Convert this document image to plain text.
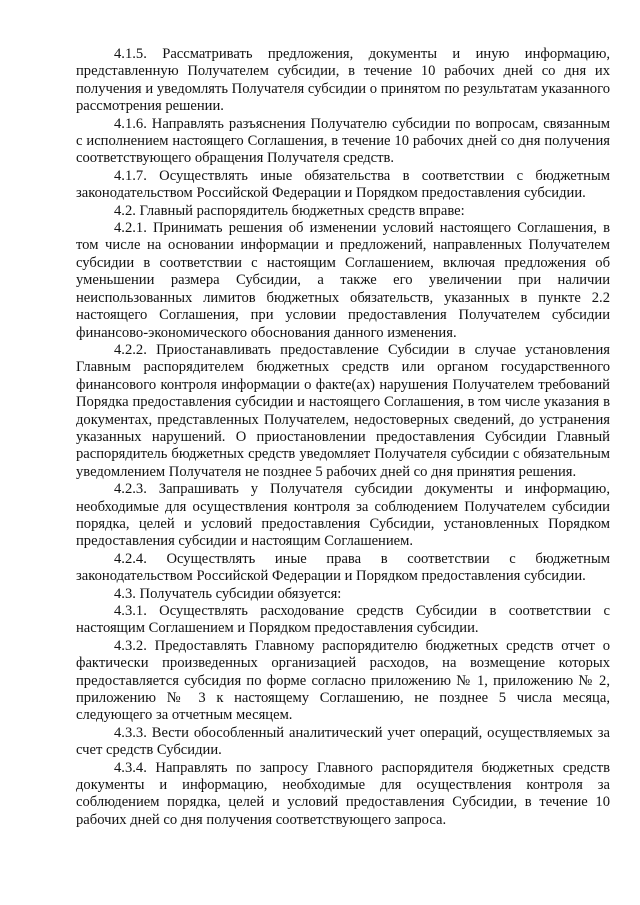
4.1.5. Рассматривать предложения, документы и иную информацию, представленную Получателем субсидии, в течение 10 рабочих дней со дня их получения и уведомлять Получателя субсидии о принятом по результатам указанного рассмотрения решении.

4.1.6. Направлять разъяснения Получателю субсидии по вопросам, связанным с исполнением настоящего Соглашения, в течение 10 рабочих дней со дня получения соответствующего обращения Получателя средств.

4.1.7. Осуществлять иные обязательства в соответствии с бюджетным законодательством Российской Федерации и Порядком предоставления субсидии.

4.2. Главный распорядитель бюджетных средств вправе:

4.2.1. Принимать решения об изменении условий настоящего Соглашения, в том числе на основании информации и предложений, направленных Получателем субсидии в соответствии с настоящим Соглашением, включая предложения об уменьшении размера Субсидии, а также его увеличении при наличии неиспользованных лимитов бюджетных обязательств, указанных в пункте 2.2 настоящего Соглашения, при условии предоставления Получателем субсидии финансово-экономического обоснования данного изменения.

4.2.2. Приостанавливать предоставление Субсидии в случае установления Главным распорядителем бюджетных средств или органом государственного финансового контроля информации о факте(ах) нарушения Получателем требований Порядка предоставления субсидии и настоящего Соглашения, в том числе указания в документах, представленных Получателем, недостоверных сведений, до устранения указанных нарушений. О приостановлении предоставления Субсидии Главный распорядитель бюджетных средств уведомляет Получателя субсидии с обязательным уведомлением Получателя не позднее 5 рабочих дней со дня принятия решения.

4.2.3. Запрашивать у Получателя субсидии документы и информацию, необходимые для осуществления контроля за соблюдением Получателем субсидии порядка, целей и условий предоставления Субсидии, установленных Порядком предоставления субсидии и настоящим Соглашением.

4.2.4. Осуществлять иные права в соответствии с бюджетным законодательством Российской Федерации и Порядком предоставления субсидии.

4.3. Получатель субсидии обязуется:

4.3.1. Осуществлять расходование средств Субсидии в соответствии с настоящим Соглашением и Порядком предоставления субсидии.

4.3.2. Предоставлять Главному распорядителю бюджетных средств отчет о фактически произведенных организацией расходов, на возмещение которых предоставляется субсидия по форме согласно приложению № 1, приложению № 2, приложению № 3 к настоящему Соглашению, не позднее 5 числа месяца, следующего за отчетным месяцем.

4.3.3. Вести обособленный аналитический учет операций, осуществляемых за счет средств Субсидии.

4.3.4. Направлять по запросу Главного распорядителя бюджетных средств документы и информацию, необходимые для осуществления контроля за соблюдением порядка, целей и условий предоставления Субсидии, в течение 10 рабочих дней со дня получения соответствующего запроса.
